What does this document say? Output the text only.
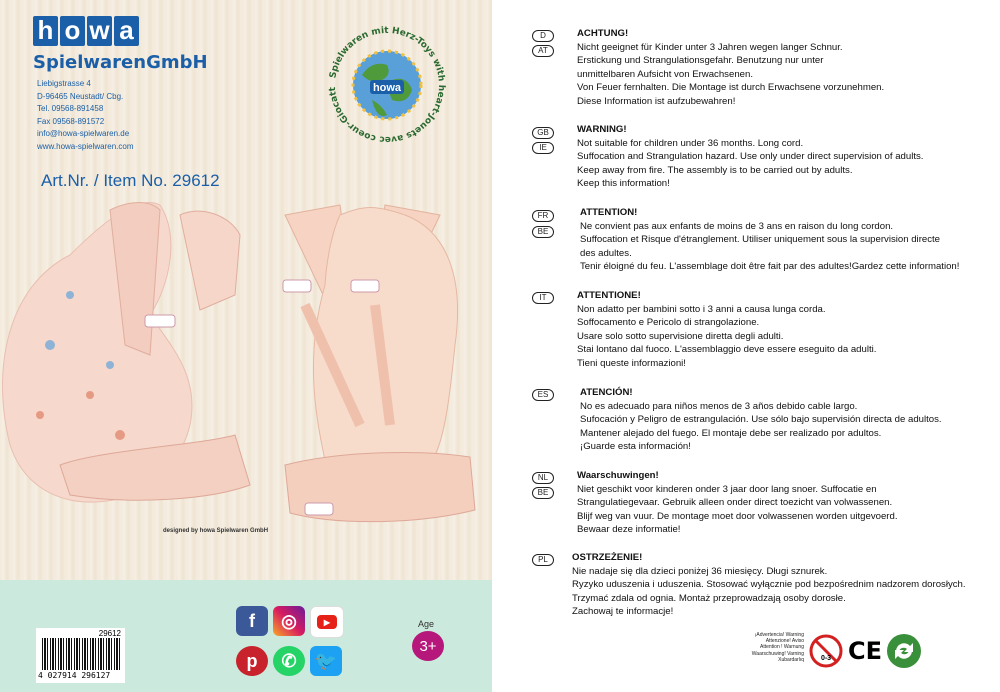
h o w a
SpielwarenGmbH
Liebigstrasse 4
D-96465 Neustadt/ Cbg.
Tel. 09568-891458
Fax 09568-891572
info@howa-spielwaren.de
www.howa-spielwaren.com
Art.Nr. / Item No. 29612
Spielwaren mit Herz-Toys with heart-Jouets avec coeur-Giocatt	howa
designed by howa Spielwaren GmbH
29612
4 027914 296127
f	◎	▶
p	✆	🐦
Age
3+
D
AT
ACHTUNG!
Nicht geeignet für Kinder unter 3 Jahren wegen langer Schnur.
Erstickung und Strangulationsgefahr. Benutzung nur unter
unmittelbaren Aufsicht von Erwachsenen.
Von Feuer fernhalten. Die Montage ist durch Erwachsene vorzunehmen.
Diese Information ist aufzubewahren!
GB
IE
WARNING!
Not suitable for children under 36 months. Long cord.
Suffocation and Strangulation hazard. Use only under direct supervision of adults.
Keep away from fire. The assembly is to be carried out by adults.
Keep this information!
FR
BE
ATTENTION!
Ne convient pas aux enfants de moins de 3 ans en raison du long cordon.
Suffocation et Risque d'étranglement. Utiliser uniquement sous la supervision directe
des adultes.
Tenir éloigné du feu. L'assemblage doit être fait par des adultes!Gardez cette information!
IT	ATTENTIONE!
Non adatto per bambini sotto i 3 anni a causa lunga corda.
Soffocamento e Pericolo di strangolazione.
Usare solo sotto supervisione diretta degli adulti.
Stai lontano dal fuoco. L'assemblaggio deve essere eseguito da adulti.
Tieni queste informazioni!
ES	ATENCIÓN!
No es adecuado para niños menos de 3 años debido cable largo.
Sufocación y Peligro de estrangulación. Use sólo bajo supervisión directa de adultos.
Mantener alejado del fuego. El montaje debe ser realizado por adultos.
¡Guarde esta información!
NL
BE
Waarschuwingen!
Niet geschikt voor kinderen onder 3 jaar door lang snoer. Suffocatie en
Strangulatiegevaar. Gebruik alleen onder direct toezicht van volwassenen.
Blijf weg van vuur. De montage moet door volwassenen worden uitgevoerd.
Bewaar deze informatie!
PL	OSTRZEŻENIE!
Nie nadaje się dla dzieci poniżej 36 miesięcy. Długi sznurek.
Ryzyko uduszenia i uduszenia. Stosować wyłącznie pod bezpośrednim nadzorem dorosłych.
Trzymać zdala od ognia. Montaż przeprowadzają osoby dorosłe.
Zachowaj te informacje!
¡Advertencia! Warning
Attenzione! Aviso
Attention ! Warnung
Waarschuwing! Varning
Xubardarlıq 0-3 CE
